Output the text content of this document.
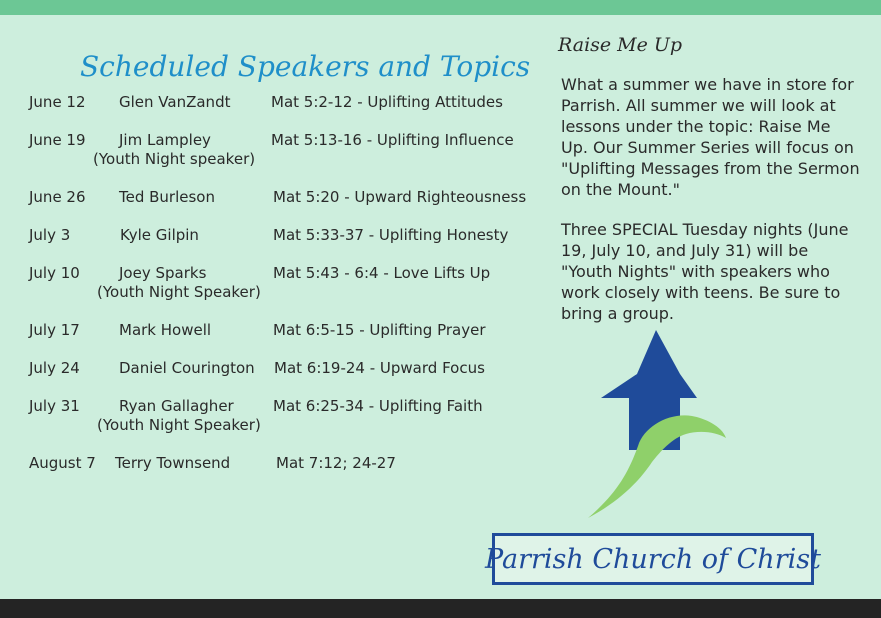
Scheduled Speakers and Topics
June 12 Glen VanZandt	Mat 5:2-12 - Uplifting Attitudes
June 19 Jim Lampley
(Youth Night speaker)
Mat 5:13-16 - Uplifting Influence
June 26 Ted Burleson	Mat 5:20 - Upward Righteousness
July 3	Kyle Gilpin	Mat 5:33-37 - Uplifting Honesty
July 10	Joey Sparks
(Youth Night Speaker)
Mat 5:43 - 6:4 - Love Lifts Up
July 17	Mark Howell	Mat 6:5-15 - Uplifting Prayer
July 24	Daniel Courington Mat 6:19-24 - Upward Focus
July 31	Ryan Gallagher
(Youth Night Speaker)
Mat 6:25-34 - Uplifting Faith
August 7 Terry Townsend	Mat 7:12; 24-27
Raise Me Up
What a summer we have in store for Parrish. All summer we will look at lessons under the topic: Raise Me Up. Our Summer Series will focus on "Uplifting Messages from the Sermon on the Mount."
Three SPECIAL Tuesday nights (June 19, July 10, and July 31) will be "Youth Nights" with speakers who work closely with teens. Be sure to bring a group.
Parrish Church of Christ
